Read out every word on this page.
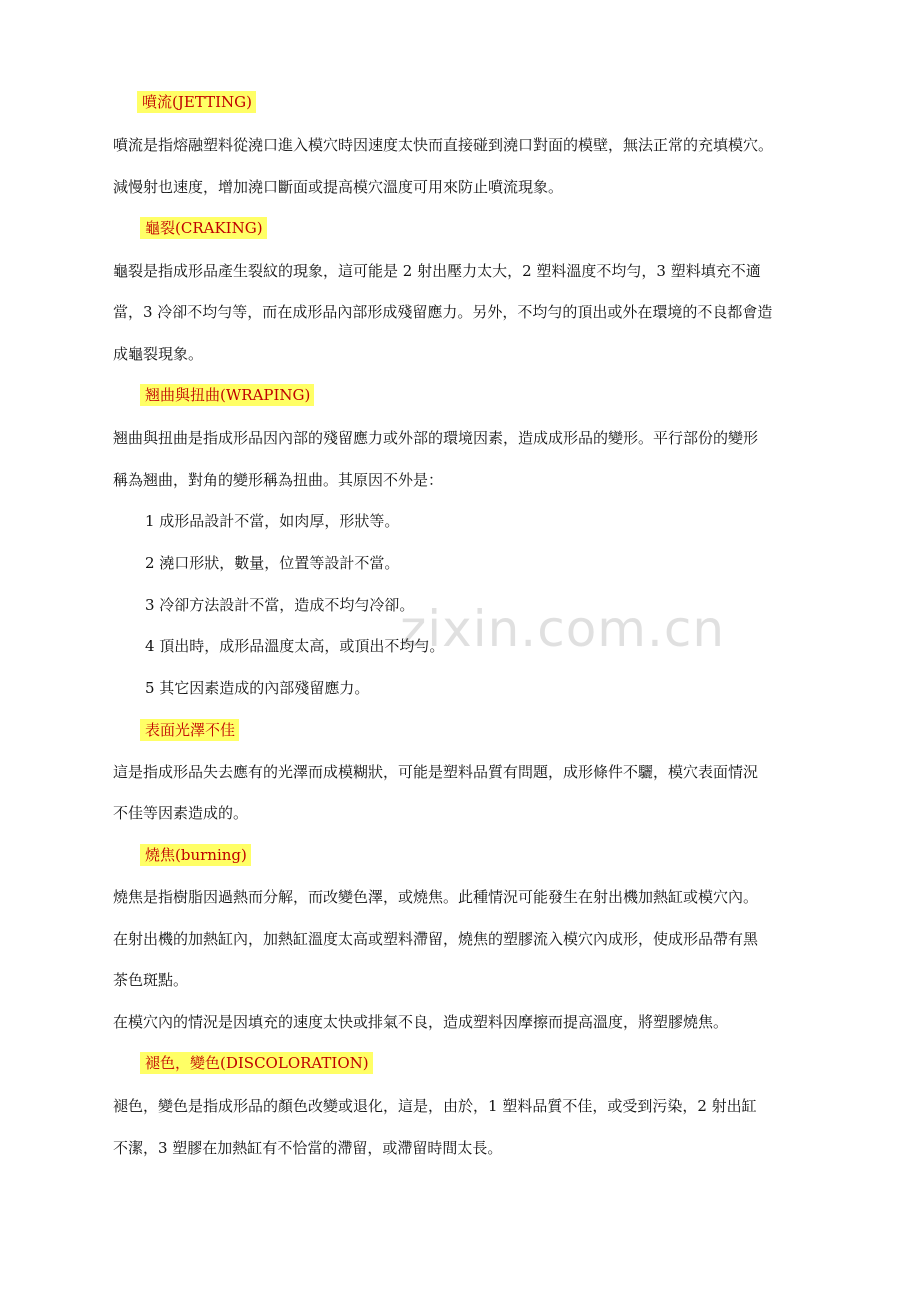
zixin.com.cn
噴流(JETTING)
噴流是指熔融塑料從澆口進入模穴時因速度太快而直接碰到澆口對面的模壁，無法正常的充填模穴。
減慢射也速度，增加澆口斷面或提高模穴溫度可用來防止噴流現象。
龜裂(CRAKING)
龜裂是指成形品產生裂紋的現象，這可能是 2 射出壓力太大，2 塑料溫度不均勻，3 塑料填充不適
當，3 冷卻不均勻等，而在成形品內部形成殘留應力。另外，不均勻的頂出或外在環境的不良都會造
成龜裂現象。
翘曲與扭曲(WRAPING)
翘曲與扭曲是指成形品因內部的殘留應力或外部的環境因素，造成成形品的變形。平行部份的變形
稱為翘曲，對角的變形稱為扭曲。其原因不外是：
1 成形品設計不當，如肉厚，形狀等。
2 澆口形狀，數量，位置等設計不當。
3 冷卻方法設計不當，造成不均勻冷卻。
4 頂出時，成形品溫度太高，或頂出不均勻。
5 其它因素造成的內部殘留應力。
表面光澤不佳
這是指成形品失去應有的光澤而成模糊狀，可能是塑料品質有問題，成形條件不驪，模穴表面情況
不佳等因素造成的。
燒焦(burning)
燒焦是指樹脂因過熱而分解，而改變色澤，或燒焦。此種情況可能發生在射出機加熱缸或模穴內。
在射出機的加熱缸內，加熱缸溫度太高或塑料滯留，燒焦的塑膠流入模穴內成形，使成形品帶有黑
茶色斑點。
在模穴內的情況是因填充的速度太快或排氣不良，造成塑料因摩擦而提高溫度，將塑膠燒焦。
褪色，變色(DISCOLORATION)
褪色，變色是指成形品的顏色改變或退化，這是，由於，1 塑料品質不佳，或受到污染，2 射出缸
不潔，3 塑膠在加熱缸有不恰當的滯留，或滯留時間太長。
